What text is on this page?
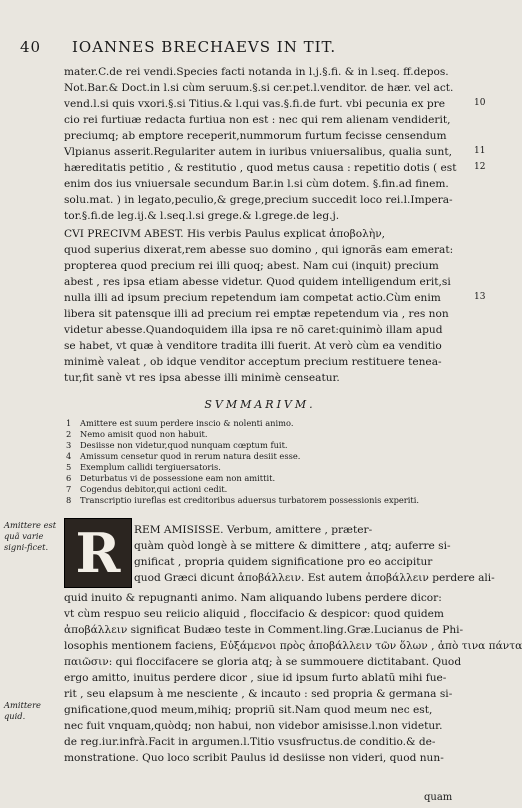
40 IOANNES BRECHAEVS IN TIT.
mater.C.de rei vendi.Species facti notanda in l.j.§.fi. & in l.seq. ff.depos.
Not.Bar.& Doct.in l.si cùm seruum.§.si cer.pet.l.venditor. de hær. vel act.
vend.l.si quis vxori.§.si Titius.& l.qui vas.§.fi.de furt. vbi pecunia ex pre
cio rei furtiuæ redacta furtiua non est : nec qui rem alienam vendiderit,
preciumq; ab emptore receperit,nummorum furtum fecisse censendum
Vlpianus asserit.Regulariter autem in iuribus vniuersalibus, qualia sunt,
hæreditatis petitio , & restitutio , quod metus causa : repetitio dotis ( est
enim dos ius vniuersale secundum Bar.in l.si cùm dotem. §.fin.ad finem.
solu.mat. ) in legato,peculio,& grege,precium succedit loco rei.l.Impera-
tor.§.fi.de leg.ij.& l.seq.l.si grege.& l.grege.de leg.j.
CVI PRECIVM ABEST. His verbis Paulus explicat ἀποβολὴν,
quod superius dixerat,rem abesse suo domino , qui ignorãs eam emerat:
propterea quod precium rei illi quoq; abest. Nam cui (inquit) precium
abest , res ipsa etiam abesse videtur. Quod quidem intelligendum erit,si
nulla illi ad ipsum precium repetendum iam competat actio.Cùm enim
libera sit patensque illi ad precium rei emptæ repetendum via , res non
videtur abesse.Quandoquidem illa ipsa re nõ caret:quinimò illam apud
se habet, vt quæ à venditore tradita illi fuerit. At verò cùm ea venditio
minimè valeat , ob idque venditor acceptum precium restituere tenea-
tur,fit sanè vt res ipsa abesse illi minimè censeatur.
10
11
12
13
SVMMARIVM.
1 Amittere est suum perdere inscio & nolenti animo.
2 Nemo amisit quod non habuit.
3 Desiisse non videtur,quod nunquam cœptum fuit.
4 Amissum censetur quod in rerum natura desiit esse.
5 Exemplum callidi tergiuersatoris.
6 Deturbatus vi de possessione eam non amittit.
7 Cogendus debitor,qui actioni cedit.
8 Transcriptio iureflas est creditoribus aduersus turbatorem possessionis experiti.
Amittere est quã varie signi-ficet.
Amittere quid.
R	REM AMISISSE. Verbum, amittere , præter-
quàm quòd longè à se mittere & dimittere , atq; auferre si-
gnificat , propria quidem significatione pro eo accipitur
quod Græci dicunt ἀποβάλλειν. Est autem ἀποβάλλειν perdere ali-
quid inuito & repugnanti animo. Nam aliquando lubens perdere dicor:
vt cùm respuo seu reiicio aliquid , floccifacio & despicor: quod quidem
ἀποβάλλειν significat Budæo teste in Comment.ling.Græ.Lucianus de Phi-
losophis mentionem faciens, Εὐξάμενοι πρὸς ἀποβάλλειν τῶν ὅλων , ἀπὸ τινα πάντα
παιῶσιν: qui floccifacere se gloria atq; à se summouere dictitabant. Quod
ergo amitto, inuitus perdere dicor , siue id ipsum furto ablatũ mihi fue-
rit , seu elapsum à me nesciente , & incauto : sed propria & germana si-
gnificatione,quod meum,mihiq; propriũ sit.Nam quod meum nec est,
nec fuit vnquam,quòdq; non habui, non videbor amisisse.l.non videtur.
de reg.iur.infrà.Facit in argumen.l.Titio vsusfructus.de conditio.& de-
monstratione. Quo loco scribit Paulus id desiisse non videri, quod nun-
quam
